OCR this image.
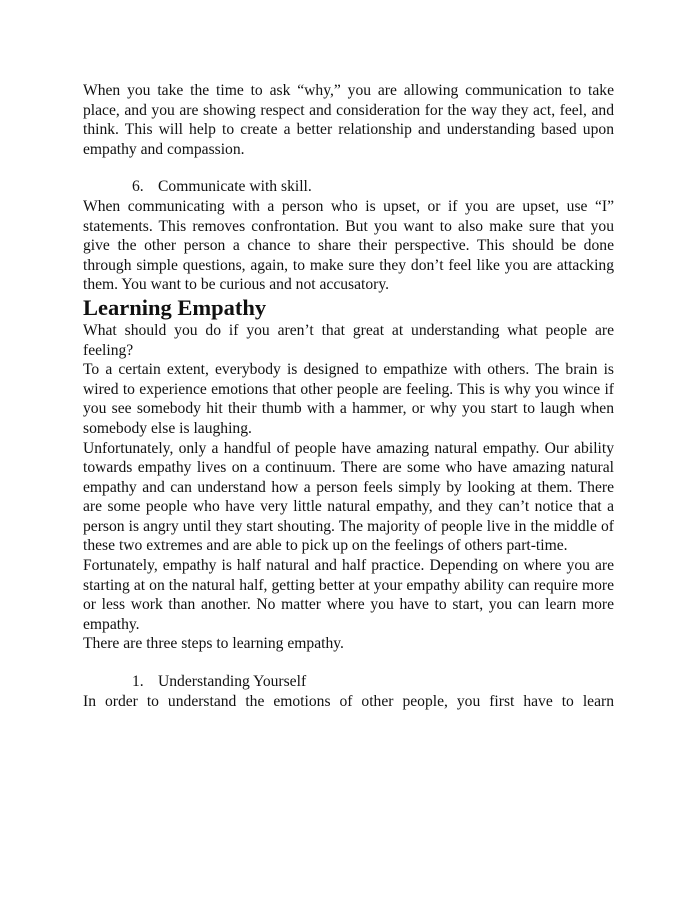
When you take the time to ask “why,” you are allowing communication to take place, and you are showing respect and consideration for the way they act, feel, and think. This will help to create a better relationship and understanding based upon empathy and compassion.

6. Communicate with skill.

When communicating with a person who is upset, or if you are upset, use “I” statements. This removes confrontation. But you want to also make sure that you give the other person a chance to share their perspective. This should be done through simple questions, again, to make sure they don’t feel like you are attacking them. You want to be curious and not accusatory.

Learning Empathy

What should you do if you aren’t that great at understanding what people are feeling?

To a certain extent, everybody is designed to empathize with others. The brain is wired to experience emotions that other people are feeling. This is why you wince if you see somebody hit their thumb with a hammer, or why you start to laugh when somebody else is laughing.

Unfortunately, only a handful of people have amazing natural empathy. Our ability towards empathy lives on a continuum. There are some who have amazing natural empathy and can understand how a person feels simply by looking at them. There are some people who have very little natural empathy, and they can’t notice that a person is angry until they start shouting. The majority of people live in the middle of these two extremes and are able to pick up on the feelings of others part-time.

Fortunately, empathy is half natural and half practice. Depending on where you are starting at on the natural half, getting better at your empathy ability can require more or less work than another. No matter where you have to start, you can learn more empathy.

There are three steps to learning empathy.

1. Understanding Yourself

In order to understand the emotions of other people, you first have to learn
